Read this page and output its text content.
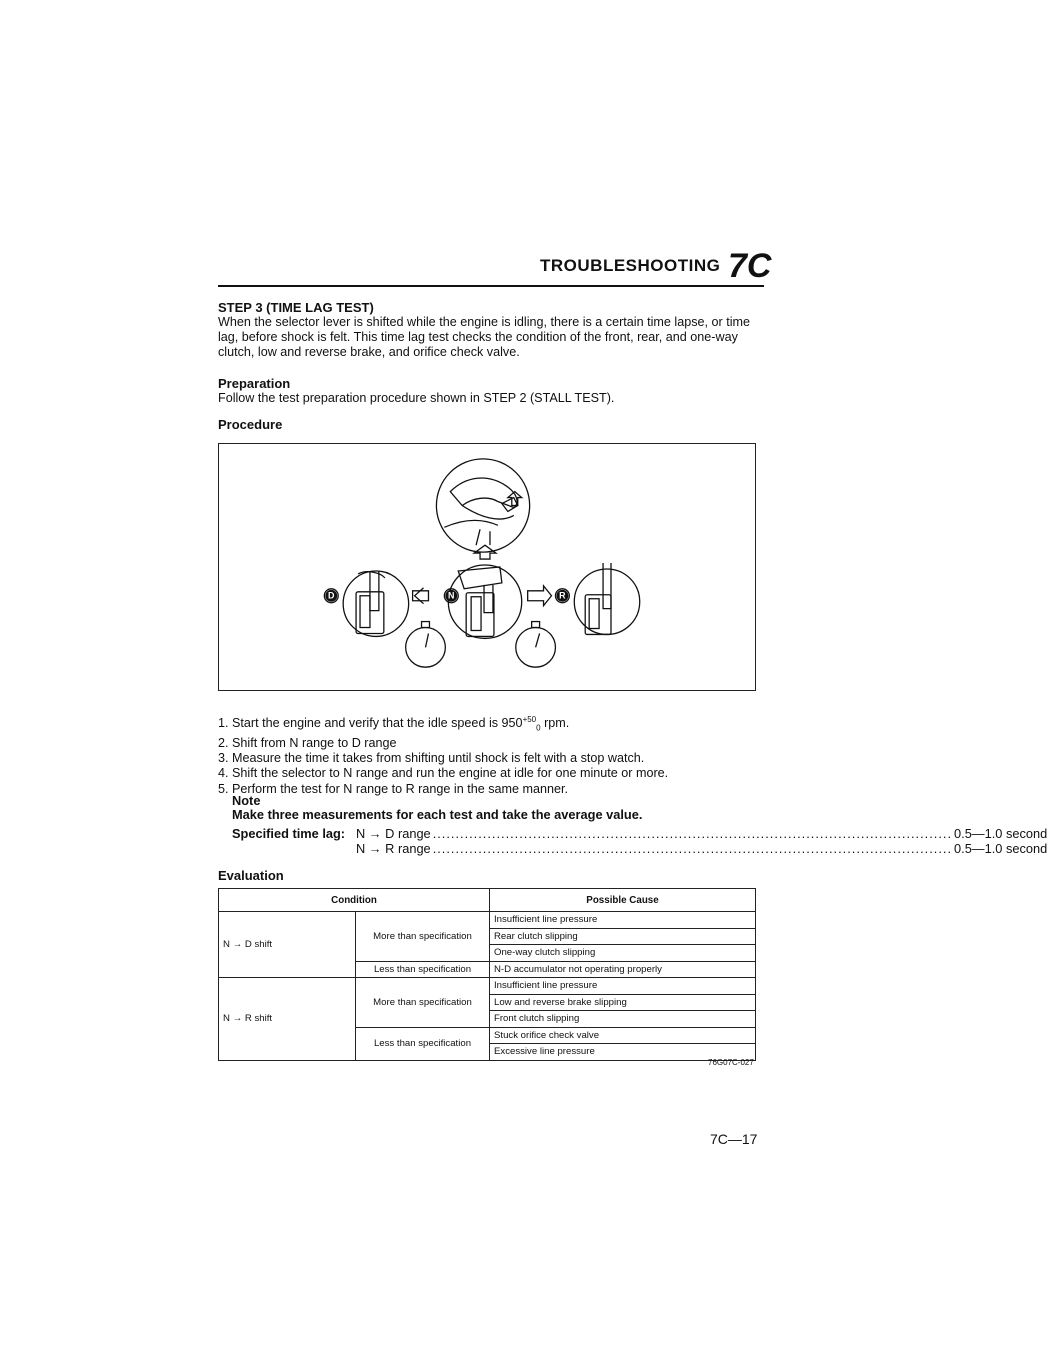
TROUBLESHOOTING 7C
STEP 3 (TIME LAG TEST)
When the selector lever is shifted while the engine is idling, there is a certain time lapse, or time lag, before shock is felt. This time lag test checks the condition of the front, rear, and one-way clutch, low and reverse brake, and orifice check valve.
Preparation
Follow the test preparation procedure shown in STEP 2 (STALL TEST).
Procedure
D	N	R
1. Start the engine and verify that the idle speed is $950^{+50}_0$ rpm.
2. Shift from N range to D range
3. Measure the time it takes from shifting until shock is felt with a stop watch.
4. Shift the selector to N range and run the engine at idle for one minute or more.
5. Perform the test for N range to R range in the same manner.
Note
Make three measurements for each test and take the average value.
Specified time lag: N → D range .................................................................................................................. 0.5—1.0 second
N → R range .................................................................................................................. 0.5—1.0 second
Evaluation
Condition		Possible Cause
N → D shift	More than specification	Insufficient line pressure
		Rear clutch slipping
		One-way clutch slipping
	Less than specification	N-D accumulator not operating properly
N → R shift	More than specification	Insufficient line pressure
		Low and reverse brake slipping
		Front clutch slipping
	Less than specification	Stuck orifice check valve
		Excessive line pressure
76G07C-027
7C—17
